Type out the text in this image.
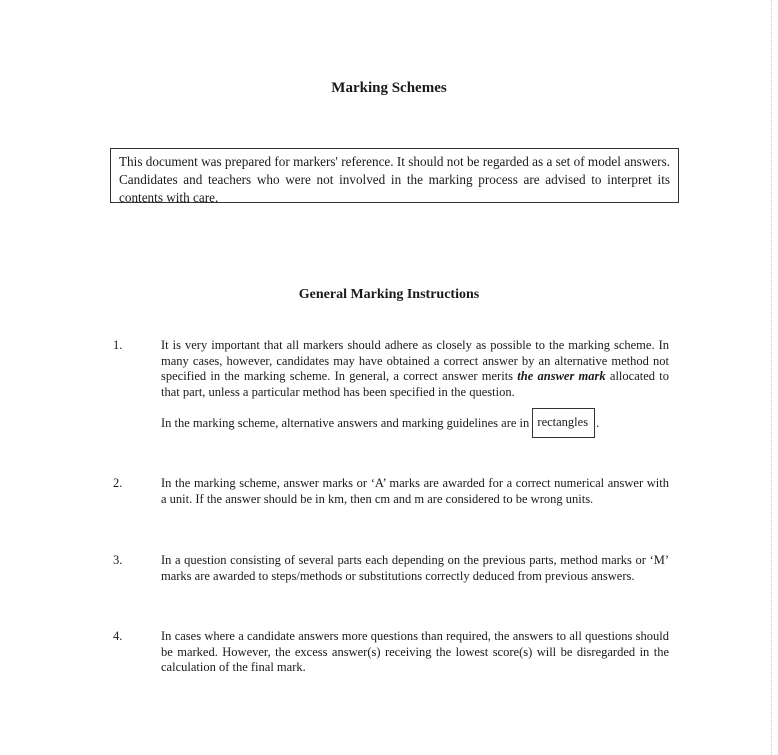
Marking Schemes
This document was prepared for markers' reference. It should not be regarded as a set of model answers. Candidates and teachers who were not involved in the marking process are advised to interpret its contents with care.
General Marking Instructions
1.	It is very important that all markers should adhere as closely as possible to the marking scheme. In many cases, however, candidates may have obtained a correct answer by an alternative method not specified in the marking scheme. In general, a correct answer merits the answer mark allocated to that part, unless a particular method has been specified in the question.

In the marking scheme, alternative answers and marking guidelines are in rectangles .

2.	In the marking scheme, answer marks or ‘A’ marks are awarded for a correct numerical answer with a unit. If the answer should be in km, then cm and m are considered to be wrong units.

3.	In a question consisting of several parts each depending on the previous parts, method marks or ‘M’ marks are awarded to steps/methods or substitutions correctly deduced from previous answers.

4.	In cases where a candidate answers more questions than required, the answers to all questions should be marked. However, the excess answer(s) receiving the lowest score(s) will be disregarded in the calculation of the final mark.
